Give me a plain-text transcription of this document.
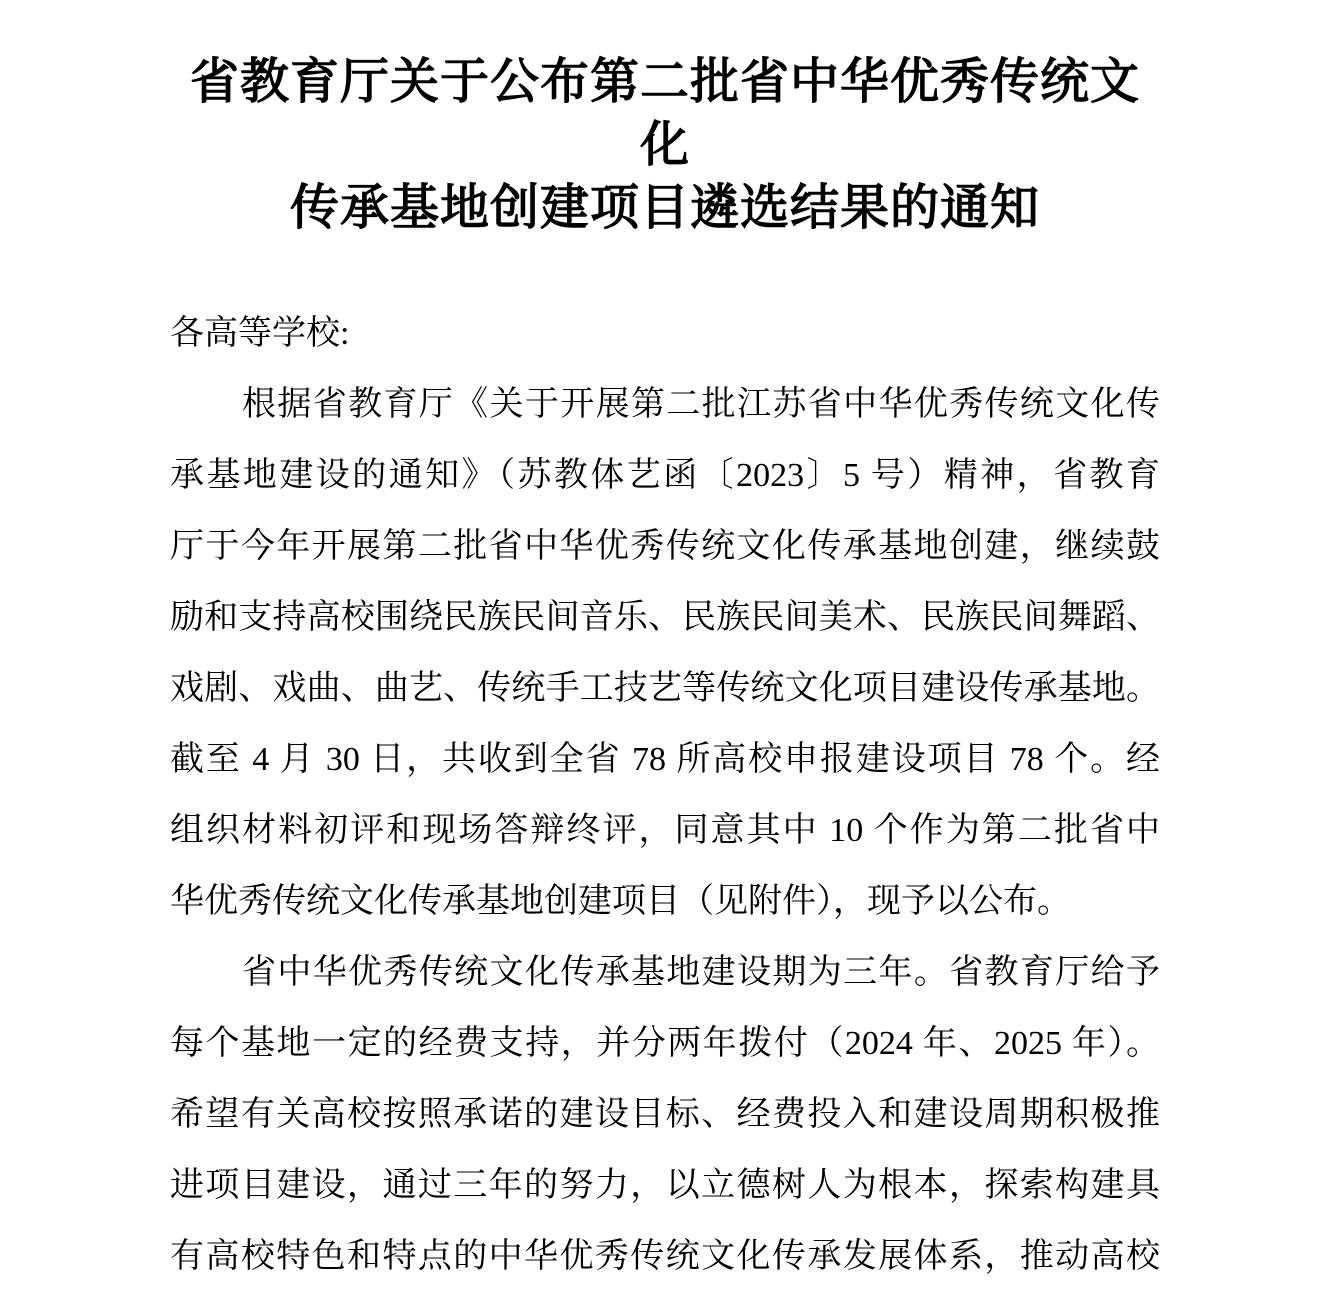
省教育厅关于公布第二批省中华优秀传统文化
传承基地创建项目遴选结果的通知
各高等学校:
根据省教育厅《关于开展第二批江苏省中华优秀传统文化传
承基地建设的通知》（苏教体艺函〔2023〕5 号）精神，省教育
厅于今年开展第二批省中华优秀传统文化传承基地创建，继续鼓
励和支持高校围绕民族民间音乐、民族民间美术、民族民间舞蹈、
戏剧、戏曲、曲艺、传统手工技艺等传统文化项目建设传承基地。
截至 4 月 30 日，共收到全省 78 所高校申报建设项目 78 个。经
组织材料初评和现场答辩终评，同意其中 10 个作为第二批省中
华优秀传统文化传承基地创建项目（见附件），现予以公布。
省中华优秀传统文化传承基地建设期为三年。省教育厅给予
每个基地一定的经费支持，并分两年拨付（2024 年、2025 年）。
希望有关高校按照承诺的建设目标、经费投入和建设周期积极推
进项目建设，通过三年的努力，以立德树人为根本，探索构建具
有高校特色和特点的中华优秀传统文化传承发展体系，推动高校
